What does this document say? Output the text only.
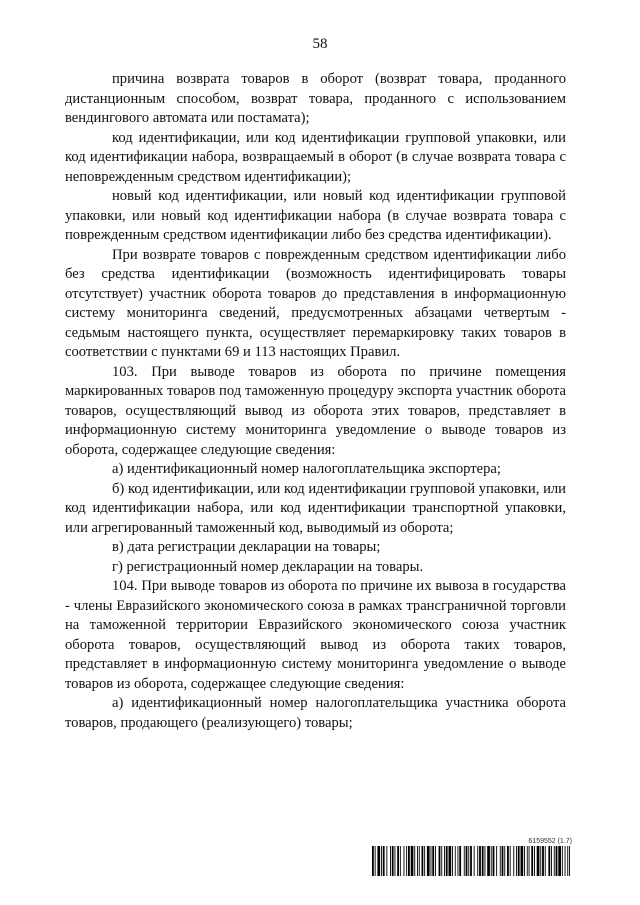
58

причина возврата товаров в оборот (возврат товара, проданного дистанционным способом, возврат товара, проданного с использованием вендингового автомата или постамата);

код идентификации, или код идентификации групповой упаковки, или код идентификации набора, возвращаемый в оборот (в случае возврата товара с неповрежденным средством идентификации);

новый код идентификации, или новый код идентификации групповой упаковки, или новый код идентификации набора (в случае возврата товара с поврежденным средством идентификации либо без средства идентификации).

При возврате товаров с поврежденным средством идентификации либо без средства идентификации (возможность идентифицировать товары отсутствует) участник оборота товаров до представления в информационную систему мониторинга сведений, предусмотренных абзацами четвертым - седьмым настоящего пункта, осуществляет перемаркировку таких товаров в соответствии с пунктами 69 и 113 настоящих Правил.

103. При выводе товаров из оборота по причине помещения маркированных товаров под таможенную процедуру экспорта участник оборота товаров, осуществляющий вывод из оборота этих товаров, представляет в информационную систему мониторинга уведомление о выводе товаров из оборота, содержащее следующие сведения:

а) идентификационный номер налогоплательщика экспортера;

б) код идентификации, или код идентификации групповой упаковки, или код идентификации набора, или код идентификации транспортной упаковки, или агрегированный таможенный код, выводимый из оборота;

в) дата регистрации декларации на товары;

г) регистрационный номер декларации на товары.

104. При выводе товаров из оборота по причине их вывоза в государства - члены Евразийского экономического союза в рамках трансграничной торговли на таможенной территории Евразийского экономического союза участник оборота товаров, осуществляющий вывод из оборота таких товаров, представляет в информационную систему мониторинга уведомление о выводе товаров из оборота, содержащее следующие сведения:

а) идентификационный номер налогоплательщика участника оборота товаров, продающего (реализующего) товары;

6159552 (1.7)
